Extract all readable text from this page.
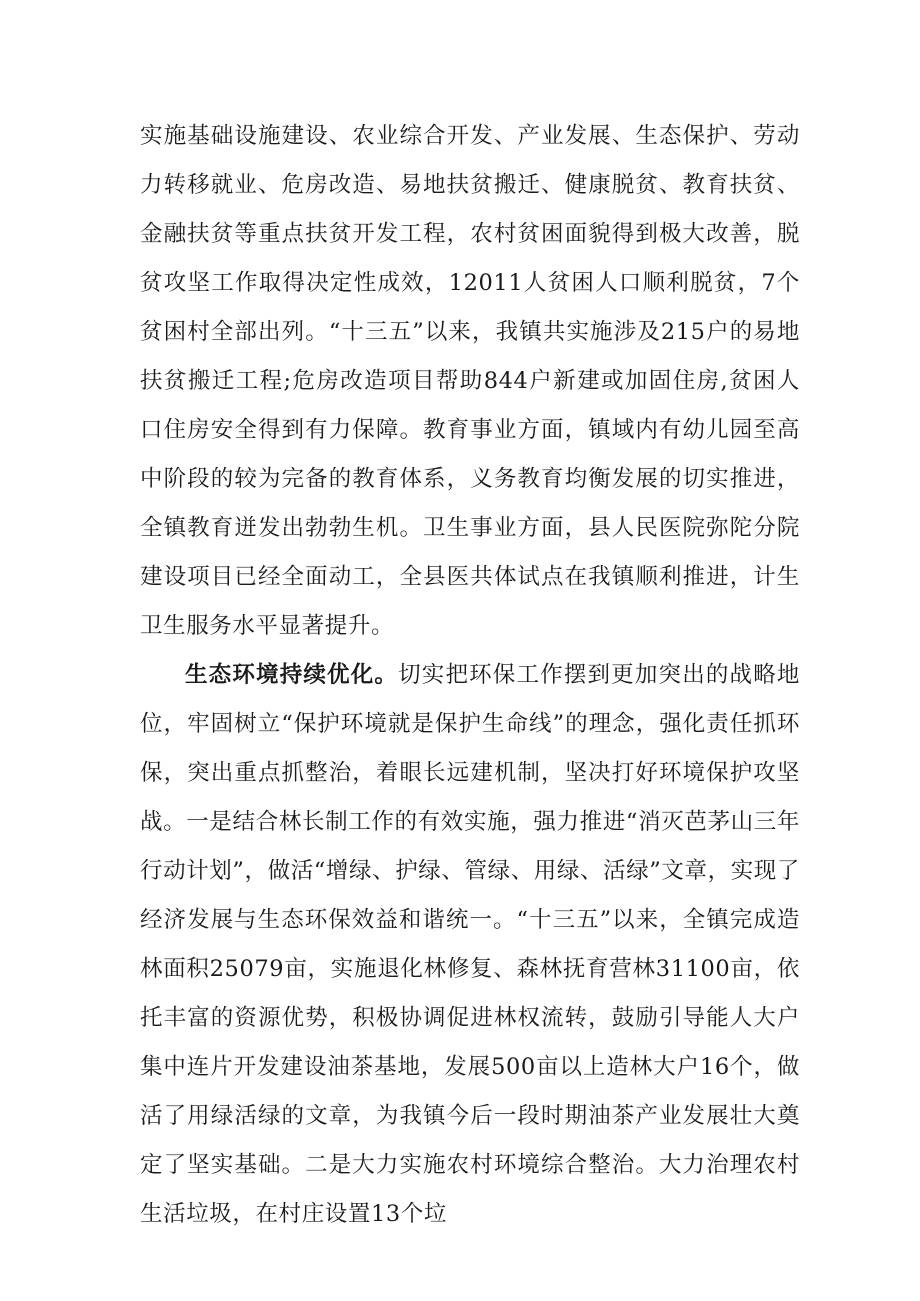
实施基础设施建设、农业综合开发、产业发展、生态保护、劳动力转移就业、危房改造、易地扶贫搬迁、健康脱贫、教育扶贫、金融扶贫等重点扶贫开发工程，农村贫困面貌得到极大改善，脱贫攻坚工作取得决定性成效，12011人贫困人口顺利脱贫，7个贫困村全部出列。“十三五”以来，我镇共实施涉及215户的易地扶贫搬迁工程;危房改造项目帮助844户新建或加固住房,贫困人口住房安全得到有力保障。教育事业方面，镇域内有幼儿园至高中阶段的较为完备的教育体系，义务教育均衡发展的切实推进，全镇教育迸发出勃勃生机。卫生事业方面，县人民医院弥陀分院建设项目已经全面动工，全县医共体试点在我镇顺利推进，计生卫生服务水平显著提升。

生态环境持续优化。切实把环保工作摆到更加突出的战略地位，牢固树立“保护环境就是保护生命线”的理念，强化责任抓环保，突出重点抓整治，着眼长远建机制，坚决打好环境保护攻坚战。一是结合林长制工作的有效实施，强力推进“消灭芭茅山三年行动计划”，做活“增绿、护绿、管绿、用绿、活绿”文章，实现了经济发展与生态环保效益和谐统一。“十三五”以来，全镇完成造林面积25079亩，实施退化林修复、森林抚育营林31100亩，依托丰富的资源优势，积极协调促进林权流转，鼓励引导能人大户集中连片开发建设油茶基地，发展500亩以上造林大户16个，做活了用绿活绿的文章，为我镇今后一段时期油茶产业发展壮大奠定了坚实基础。二是大力实施农村环境综合整治。大力治理农村生活垃圾，在村庄设置13个垃
